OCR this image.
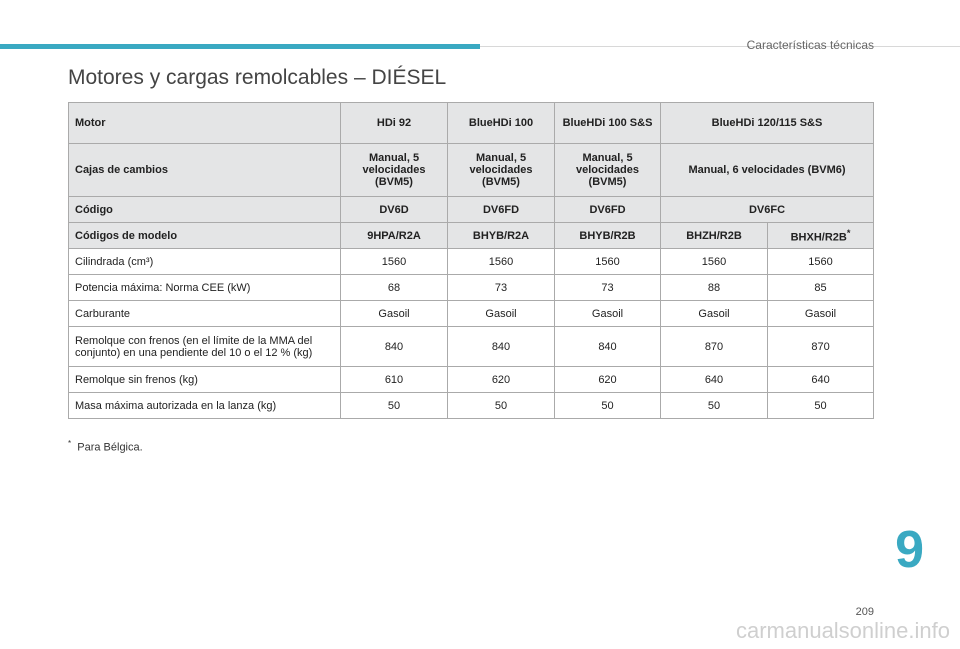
Características técnicas
Motores y cargas remolcables – DIÉSEL
Motor	HDi 92	BlueHDi 100	BlueHDi 100 S&S	BlueHDi 120/115 S&S	
Cajas de cambios	Manual, 5 velocidades (BVM5)	Manual, 5 velocidades (BVM5)	Manual, 5 velocidades (BVM5)	Manual, 6 velocidades (BVM6)	
Código	DV6D	DV6FD	DV6FD	DV6FC	
Códigos de modelo	9HPA/R2A	BHYB/R2A	BHYB/R2B	BHZH/R2B	BHXH/R2B*
Cilindrada (cm³)	1560	1560	1560	1560	1560
Potencia máxima: Norma CEE (kW)	68	73	73	88	85
Carburante	Gasoil	Gasoil	Gasoil	Gasoil	Gasoil
Remolque con frenos (en el límite de la MMA del conjunto) en una pendiente del 10 o el 12 % (kg)	840	840	840	870	870
Remolque sin frenos (kg)	610	620	620	640	640
Masa máxima autorizada en la lanza (kg)	50	50	50	50	50
* Para Bélgica.
9
209
carmanualsonline.info
